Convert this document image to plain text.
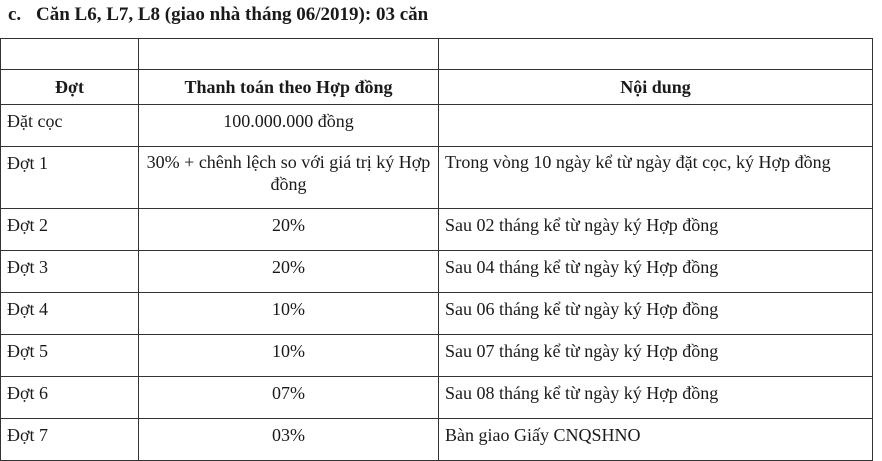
c. Căn L6, L7, L8 (giao nhà tháng 06/2019): 03 căn

Đợt	Thanh toán theo Hợp đồng	Nội dung
Đặt cọc	100.000.000 đồng	
Đợt 1	30% + chênh lệch so với giá trị ký Hợp đồng	Trong vòng 10 ngày kể từ ngày đặt cọc, ký Hợp đồng
Đợt 2	20%	Sau 02 tháng kể từ ngày ký Hợp đồng
Đợt 3	20%	Sau 04 tháng kể từ ngày ký Hợp đồng
Đợt 4	10%	Sau 06 tháng kể từ ngày ký Hợp đồng
Đợt 5	10%	Sau 07 tháng kể từ ngày ký Hợp đồng
Đợt 6	07%	Sau 08 tháng kể từ ngày ký Hợp đồng
Đợt 7	03%	Bàn giao Giấy CNQSHNO
